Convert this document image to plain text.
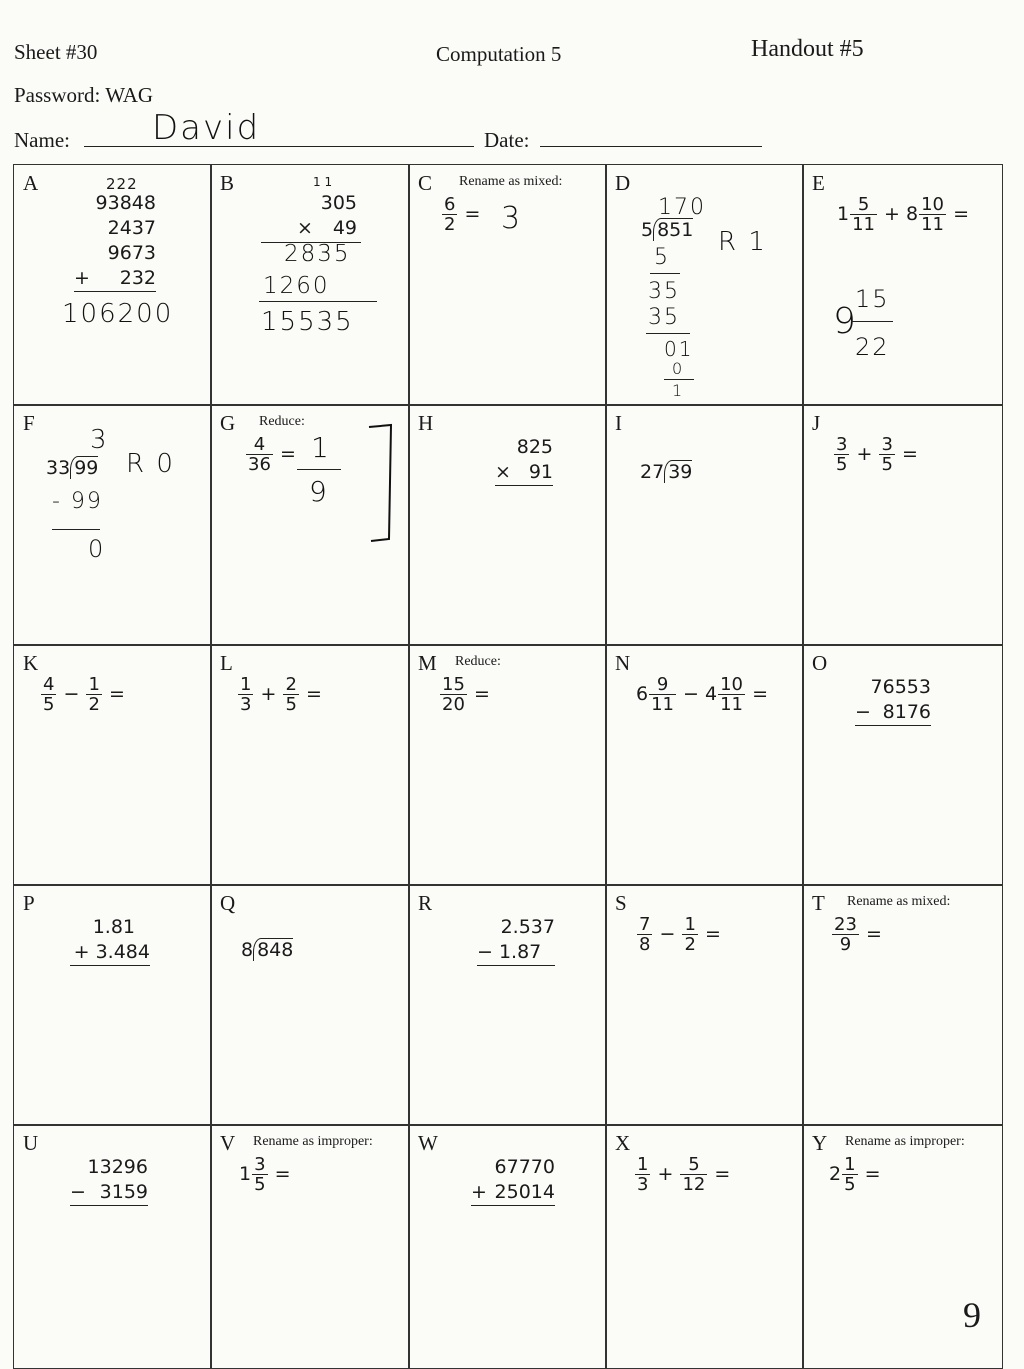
Sheet #30	Computation 5	Handout #5
Password: WAG
Name: David	Date:
A	222
93848
2437
9673
+ 232
106200
B	1 1
305
× 49
2835
1260
15535
C Rename as mixed:
$\frac{6}{2} = 3$
D
170
5 851 R 1
5
35
35
01
0
1
E
$1 \frac{5}{11} + 8 \frac{10}{11}$ =
9
15
22
F
3
33 99 R 0
- 99
0
G Reduce:
$\frac{4}{36} = 1$
9
H
825
× 91
I
27 39
J
$\frac{3}{5} + \frac{3}{5}$ =
K
$\frac{4}{5} - \frac{1}{2}$ =
L
$\frac{1}{3} + \frac{2}{5}$ =
M Reduce:
$\frac{15}{20}$ =
N
$6 \frac{9}{11} - 4 \frac{10}{11}$ =
O
76553
− 8176
P
1.81
+ 3.484
Q
8 848
R
2.537
− 1.87
S
$\frac{7}{8} - \frac{1}{2}$ =
T Rename as mixed:
$\frac{23}{9}$ =
U
13296
− 3159
V Rename as improper:
$1 \frac{3}{5}$ =
W
67770
+ 25014
X
$\frac{1}{3} + \frac{5}{12}$ =
Y Rename as improper:
$2 \frac{1}{5}$ =
9
